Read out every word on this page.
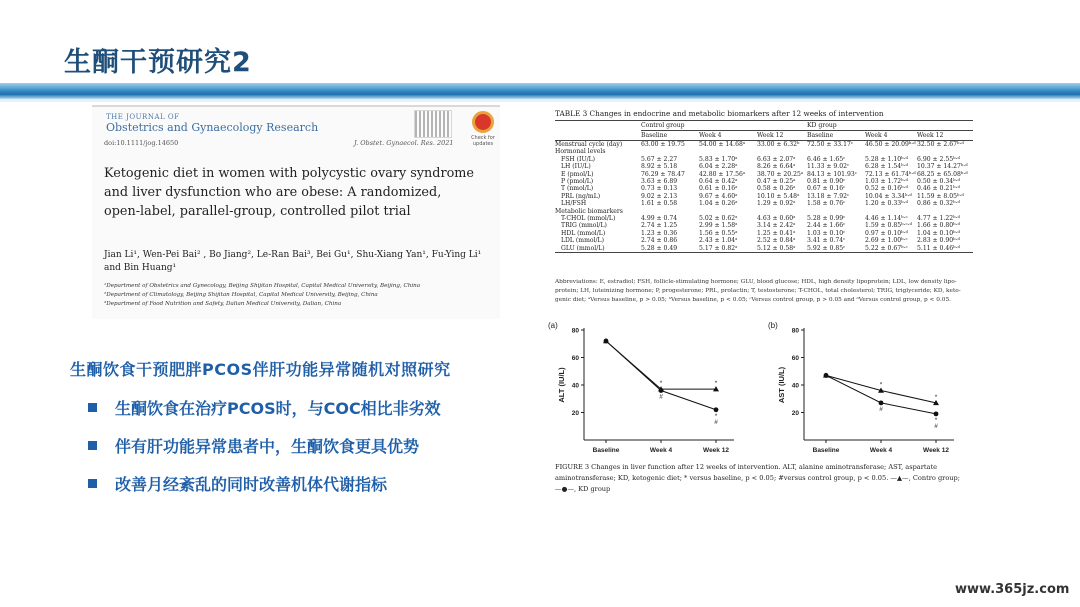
生酮干预研究2
THE JOURNAL OF
Obstetrics and Gynaecology Research
Check for updates
doi:10.1111/jog.14650	J. Obstet. Gynaecol. Res. 2021
Ketogenic diet in women with polycystic ovary syndrome and liver dysfunction who are obese: A randomized, open-label, parallel-group, controlled pilot trial
Jian Li¹, Wen-Pei Bai² , Bo Jiang², Le-Ran Bai³, Bei Gu¹, Shu-Xiang Yan¹, Fu-Ying Li¹ and Bin Huang¹
¹Department of Obstetrics and Gynecology, Beijing Shijitan Hospital, Capital Medical University, Beijing, China
²Department of Climatology, Beijing Shijitan Hospital, Capital Medical University, Beijing, China
³Department of Food Nutrition and Safety, Dalian Medical University, Dalian, China
生酮饮食干预肥胖PCOS伴肝功能异常随机对照研究
生酮饮食在治疗PCOS时，与COC相比非劣效
伴有肝功能异常患者中，生酮饮食更具优势
改善月经紊乱的同时改善机体代谢指标
TABLE 3 Changes in endocrine and metabolic biomarkers after 12 weeks of intervention
	Control group			KD group		
	Baseline	Week 4	Week 12	Baseline	Week 4	Week 12
Menstrual cycle (day)	63.00 ± 19.75	54.00 ± 14.68ᵃ	33.00 ± 6.32ᵇ	72.50 ± 33.17ᶜ	46.50 ± 20.09ᵇ·ᵈ	32.50 ± 2.67ᵇ·ᵈ
Hormonal levels						
FSH (IU/L)	5.67 ± 2.27	5.83 ± 1.70ᵃ	6.63 ± 2.07ᵃ	6.46 ± 1.65ᶜ	5.28 ± 1.10ᵇ·ᵈ	6.90 ± 2.55ᵇ·ᵈ
LH (IU/L)	8.92 ± 5.18	6.04 ± 2.28ᵃ	8.26 ± 6.64ᵃ	11.33 ± 9.02ᶜ	6.28 ± 1.54ᵇ·ᵈ	10.37 ± 14.27ᵇ·ᵈ
E (pmol/L)	76.29 ± 78.47	42.80 ± 17.56ᵃ	38.70 ± 20.25ᵃ	84.13 ± 101.93ᶜ	72.13 ± 61.74ᵇ·ᵈ	68.25 ± 65.08ᵇ·ᵈ
P (pmol/L)	3.63 ± 6.89	0.64 ± 0.42ᵃ	0.47 ± 0.25ᵃ	0.81 ± 0.90ᶜ	1.03 ± 1.72ᵇ·ᵈ	0.50 ± 0.34ᵇ·ᵈ
T (nmol/L)	0.73 ± 0.13	0.61 ± 0.16ᵃ	0.58 ± 0.26ᵃ	0.67 ± 0.16ᶜ	0.52 ± 0.16ᵇ·ᵈ	0.46 ± 0.21ᵇ·ᵈ
PRL (ng/mL)	9.02 ± 2.13	9.67 ± 4.60ᵃ	10.10 ± 5.48ᵃ	13.18 ± 7.92ᶜ	10.04 ± 3.34ᵇ·ᵈ	11.59 ± 8.05ᵇ·ᵈ
LH/FSH	1.61 ± 0.58	1.04 ± 0.26ᵃ	1.29 ± 0.92ᵃ	1.58 ± 0.76ᶜ	1.20 ± 0.33ᵇ·ᵈ	0.86 ± 0.32ᵇ·ᵈ
Metabolic biomarkers						
T-CHOL (mmol/L)	4.99 ± 0.74	5.02 ± 0.62ᵃ	4.63 ± 0.60ᵃ	5.28 ± 0.99ᶜ	4.46 ± 1.14ᵇ·ᶜ	4.77 ± 1.22ᵇ·ᵈ
TRIG (mmol/L)	2.74 ± 1.25	2.99 ± 1.58ᵃ	3.14 ± 2.42ᵃ	2.44 ± 1.66ᶜ	1.59 ± 0.85ᵇ·ᶜ·ᵈ	1.66 ± 0.80ᵇ·ᵈ
HDL (mmol/L)	1.23 ± 0.36	1.56 ± 0.55ᵃ	1.25 ± 0.41ᵃ	1.03 ± 0.10ᶜ	0.97 ± 0.10ᵇ·ᵈ	1.04 ± 0.10ᵇ·ᵈ
LDL (mmol/L)	2.74 ± 0.86	2.43 ± 1.04ᵃ	2.52 ± 0.84ᵃ	3.41 ± 0.74ᶜ	2.69 ± 1.00ᵇ·ᶜ	2.83 ± 0.90ᵇ·ᵈ
GLU (mmol/L)	5.28 ± 0.49	5.17 ± 0.82ᵃ	5.12 ± 0.58ᵃ	5.92 ± 0.85ᶜ	5.22 ± 0.67ᵇ·ᶜ	5.11 ± 0.46ᵇ·ᵈ
Abbreviations: E, estradiol; FSH, follicle-stimulating hormone; GLU, blood glucose; HDL, high density lipoprotein; LDL, low density lipo-
protein; LH, luteinizing hormone; P, progesterone; PRL, prolactin; T, testosterone; T-CHOL, total cholesterol; TRIG, triglyceride; KD, keto-
genic diet; ᵃVersus baseline, p > 0.05; ᵇVersus baseline, p < 0.05; ᶜVersus control group, p > 0.05 and ᵈVersus control group, p < 0.05.
(a)
20
40
60
80
ALT (IU/L)
Baseline	Week 4	Week 12
*	*
#
*
#
(b)
20
40
60
80
AST (IU/L)
Baseline	Week 4	Week 12
*
*
#
*
#
FIGURE 3 Changes in liver function after 12 weeks of intervention. ALT, alanine aminotransferase; AST, aspartate
aminotransferase; KD, ketogenic diet; * versus baseline, p < 0.05; #versus control group, p < 0.05. —▲—, Contro group;
—●—, KD group
www.365jz.com
